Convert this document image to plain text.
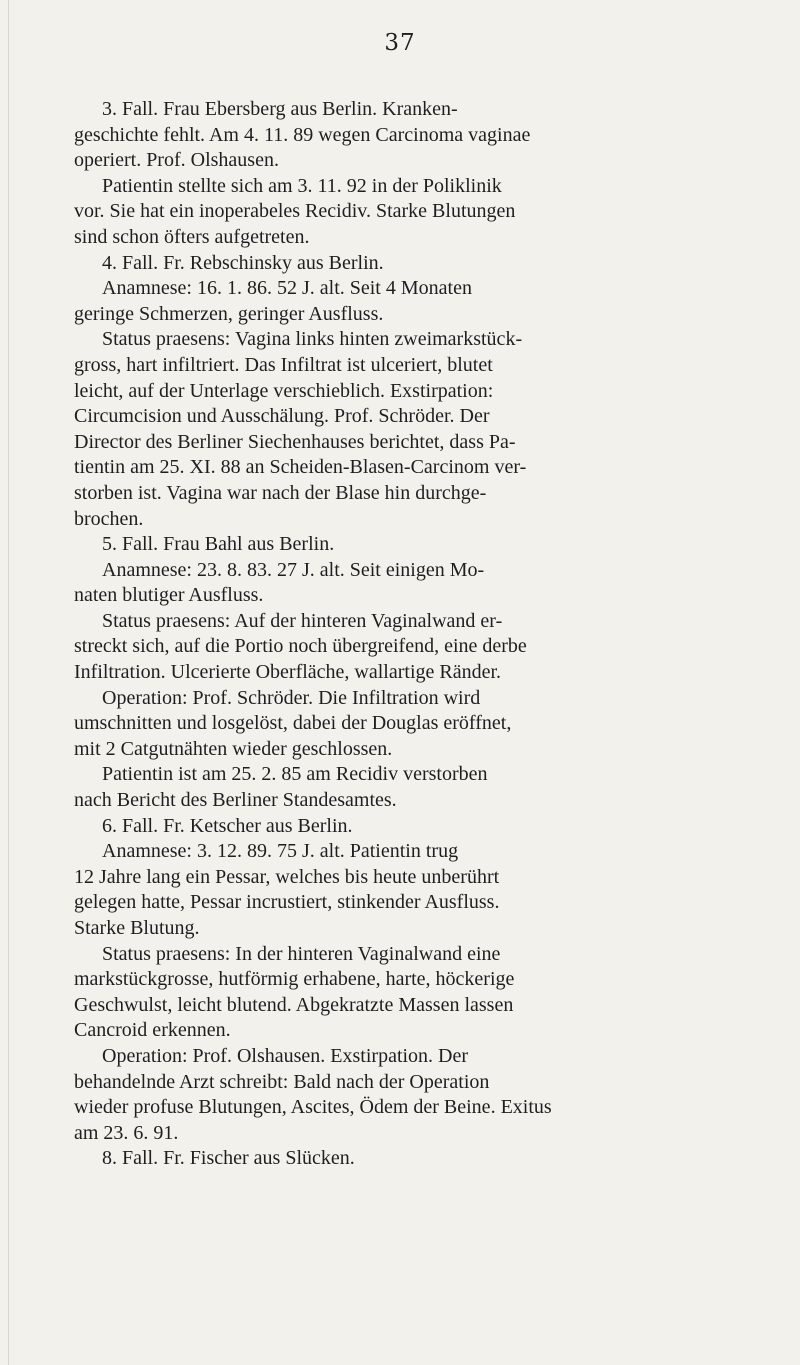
37

3. Fall. Frau Ebersberg aus Berlin. Kranken-
geschichte fehlt. Am 4. 11. 89 wegen Carcinoma vaginae
operiert. Prof. Olshausen.

Patientin stellte sich am 3. 11. 92 in der Poliklinik
vor. Sie hat ein inoperabeles Recidiv. Starke Blutungen
sind schon öfters aufgetreten.

4. Fall. Fr. Rebschinsky aus Berlin.

Anamnese: 16. 1. 86. 52 J. alt. Seit 4 Monaten
geringe Schmerzen, geringer Ausfluss.

Status praesens: Vagina links hinten zweimarkstück-
gross, hart infiltriert. Das Infiltrat ist ulceriert, blutet
leicht, auf der Unterlage verschieblich. Exstirpation:
Circumcision und Ausschälung. Prof. Schröder. Der
Director des Berliner Siechenhauses berichtet, dass Pa-
tientin am 25. XI. 88 an Scheiden-Blasen-Carcinom ver-
storben ist. Vagina war nach der Blase hin durchge-
brochen.

5. Fall. Frau Bahl aus Berlin.

Anamnese: 23. 8. 83. 27 J. alt. Seit einigen Mo-
naten blutiger Ausfluss.

Status praesens: Auf der hinteren Vaginalwand er-
streckt sich, auf die Portio noch übergreifend, eine derbe
Infiltration. Ulcerierte Oberfläche, wallartige Ränder.

Operation: Prof. Schröder. Die Infiltration wird
umschnitten und losgelöst, dabei der Douglas eröffnet,
mit 2 Catgutnähten wieder geschlossen.

Patientin ist am 25. 2. 85 am Recidiv verstorben
nach Bericht des Berliner Standesamtes.

6. Fall. Fr. Ketscher aus Berlin.

Anamnese: 3. 12. 89. 75 J. alt. Patientin trug
12 Jahre lang ein Pessar, welches bis heute unberührt
gelegen hatte, Pessar incrustiert, stinkender Ausfluss.
Starke Blutung.

Status praesens: In der hinteren Vaginalwand eine
markstückgrosse, hutförmig erhabene, harte, höckerige
Geschwulst, leicht blutend. Abgekratzte Massen lassen
Cancroid erkennen.

Operation: Prof. Olshausen. Exstirpation. Der
behandelnde Arzt schreibt: Bald nach der Operation
wieder profuse Blutungen, Ascites, Ödem der Beine. Exitus
am 23. 6. 91.

8. Fall. Fr. Fischer aus Slücken.
